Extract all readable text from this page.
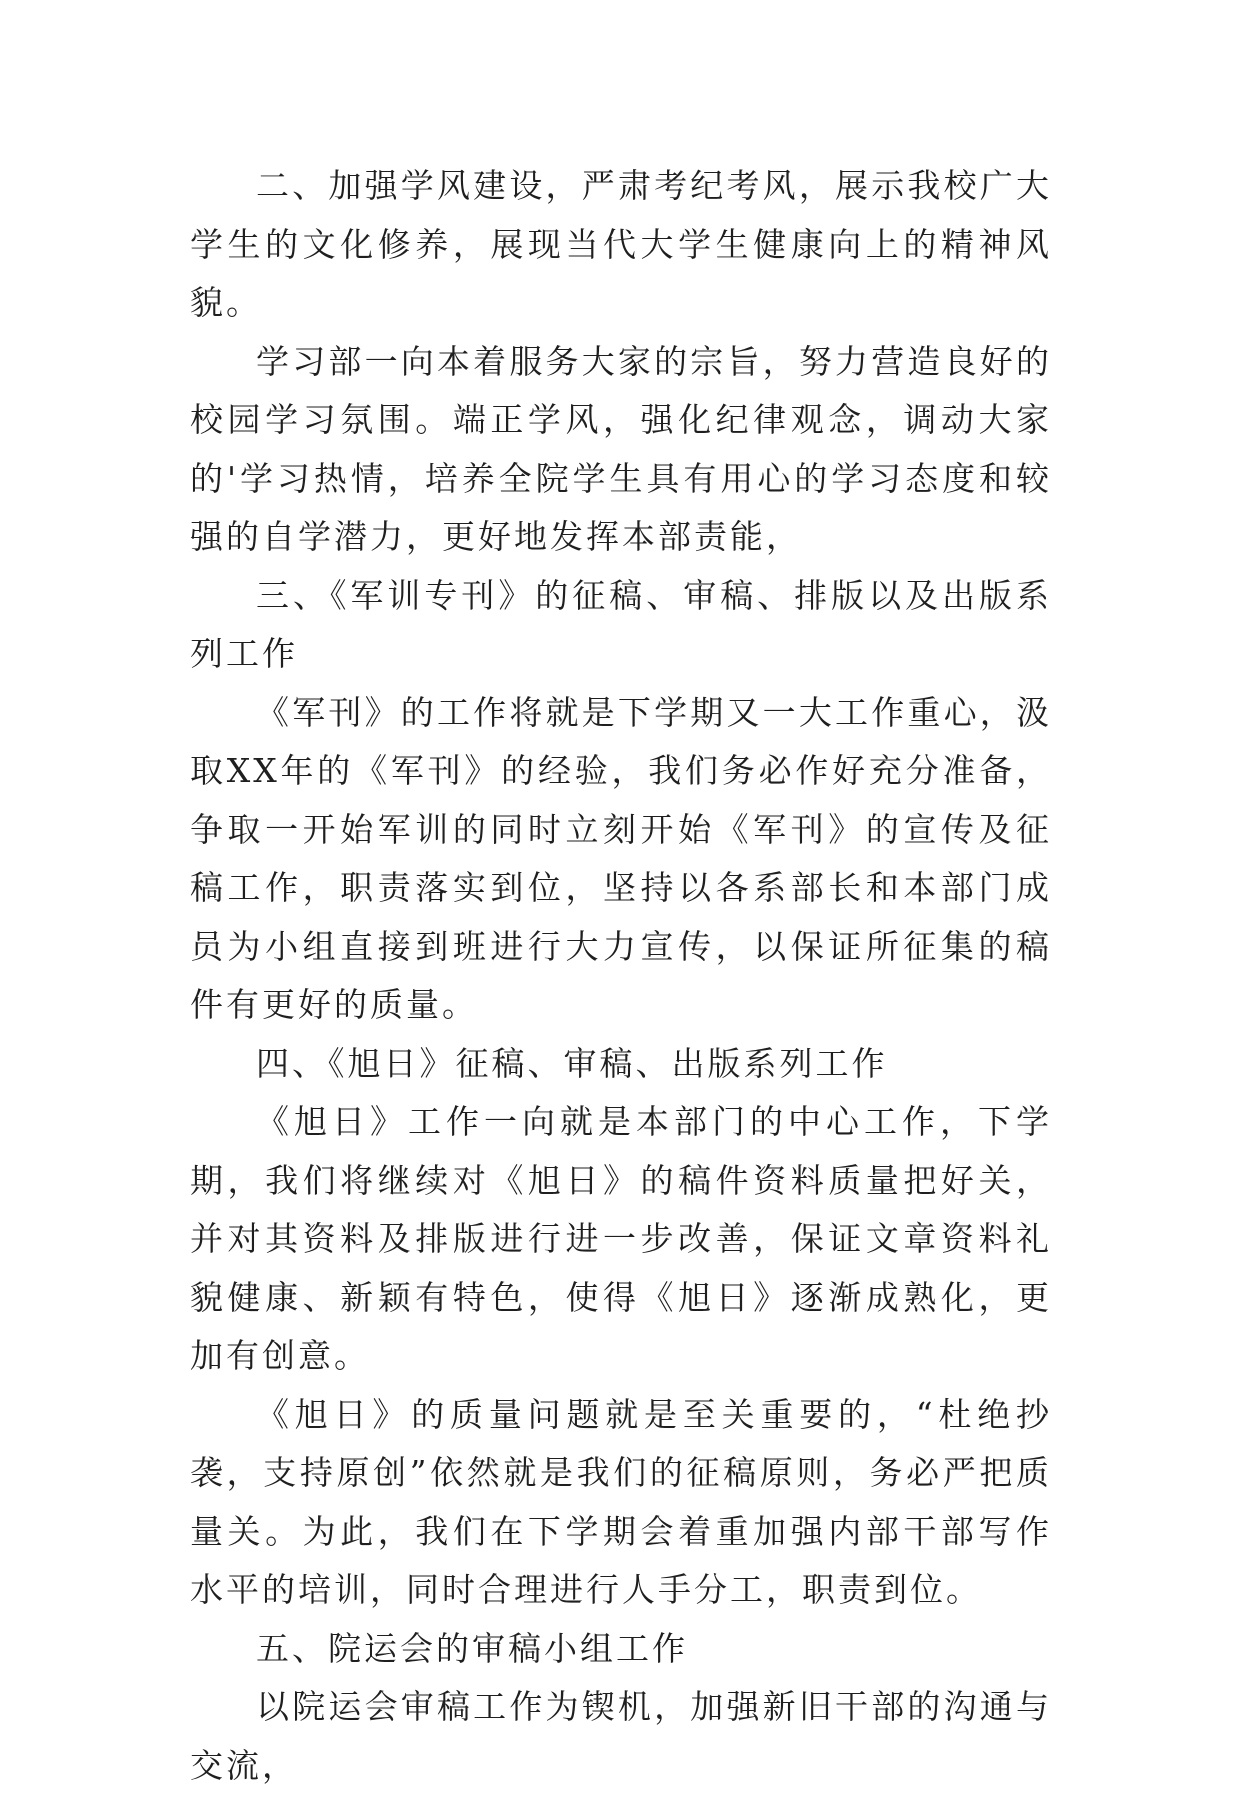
二、加强学风建设，严肃考纪考风，展示我校广大学生的文化修养，展现当代大学生健康向上的精神风貌。

学习部一向本着服务大家的宗旨，努力营造良好的校园学习氛围。端正学风，强化纪律观念，调动大家的'学习热情，培养全院学生具有用心的学习态度和较强的自学潜力，更好地发挥本部责能，

三、《军训专刊》的征稿、审稿、排版以及出版系列工作

《军刊》的工作将就是下学期又一大工作重心，汲取XX年的《军刊》的经验，我们务必作好充分准备，争取一开始军训的同时立刻开始《军刊》的宣传及征稿工作，职责落实到位，坚持以各系部长和本部门成员为小组直接到班进行大力宣传，以保证所征集的稿件有更好的质量。

四、《旭日》征稿、审稿、出版系列工作

《旭日》工作一向就是本部门的中心工作，下学期，我们将继续对《旭日》的稿件资料质量把好关，并对其资料及排版进行进一步改善，保证文章资料礼貌健康、新颖有特色，使得《旭日》逐渐成熟化，更加有创意。

《旭日》的质量问题就是至关重要的，“杜绝抄袭，支持原创”依然就是我们的征稿原则，务必严把质量关。为此，我们在下学期会着重加强内部干部写作水平的培训，同时合理进行人手分工，职责到位。

五、院运会的审稿小组工作

以院运会审稿工作为锲机，加强新旧干部的沟通与交流，
